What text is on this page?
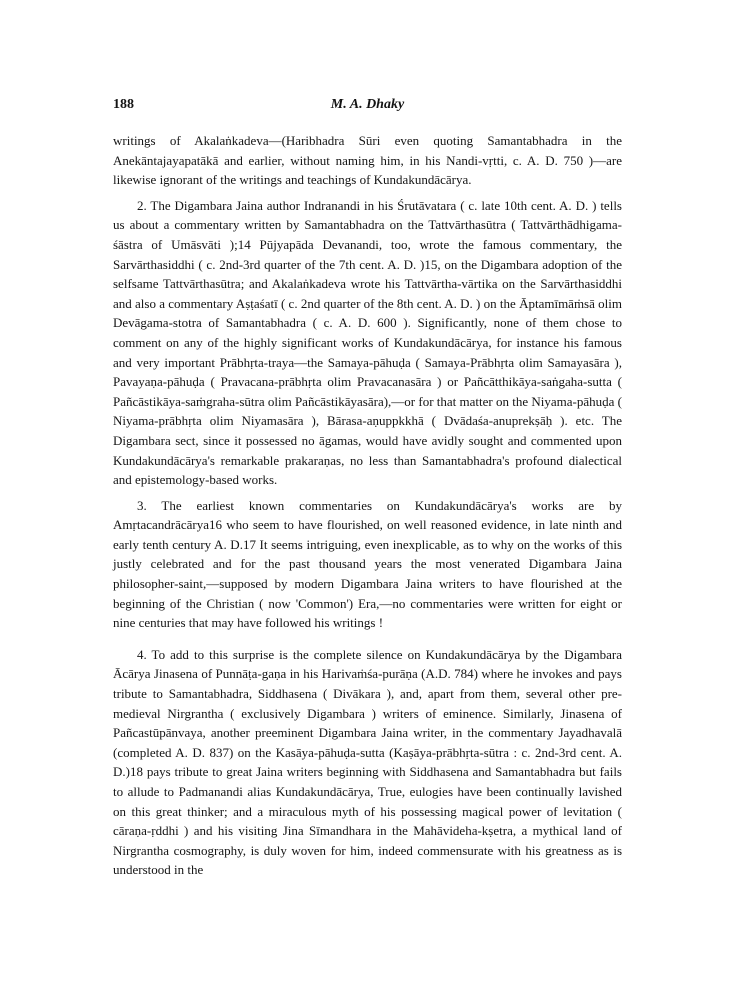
188	M. A. Dhaky

writings of Akalaṅkadeva—(Haribhadra Sūri even quoting Samantabhadra in the Anekāntajayapatākā and earlier, without naming him, in his Nandi-vṛtti, c. A. D. 750 )—are likewise ignorant of the writings and teachings of Kundakundācārya.

2. The Digambara Jaina author Indranandi in his Śrutāvatara ( c. late 10th cent. A. D. ) tells us about a commentary written by Samantabhadra on the Tattvārthasūtra ( Tattvārthādhigama-śāstra of Umāsvāti );14 Pūjyapāda Devanandi, too, wrote the famous commentary, the Sarvārthasiddhi ( c. 2nd-3rd quarter of the 7th cent. A. D. )15, on the Digambara adoption of the selfsame Tattvārthasūtra; and Akalaṅkadeva wrote his Tattvārtha-vārtika on the Sarvārthasiddhi and also a commentary Aṣṭaśatī ( c. 2nd quarter of the 8th cent. A. D. ) on the Āptamīmāṁsā olim Devāgama-stotra of Samantabhadra ( c. A. D. 600 ). Significantly, none of them chose to comment on any of the highly significant works of Kundakundācārya, for instance his famous and very important Prābhṛta-traya—the Samaya-pāhuḍa ( Samaya-Prābhṛta olim Samayasāra ), Pavayaṇa-pāhuḍa ( Pravacana-prābhṛta olim Pravacanasāra ) or Pañcātthikāya-saṅgaha-sutta ( Pañcāstikāya-saṁgraha-sūtra olim Pañcāstikāyasāra),—or for that matter on the Niyama-pāhuḍa ( Niyama-prābhṛta olim Niyamasāra ), Bārasa-aṇuppkkhā ( Dvādaśa-anuprekṣāḥ ). etc. The Digambara sect, since it possessed no āgamas, would have avidly sought and commented upon Kundakundācārya's remarkable prakaraṇas, no less than Samantabhadra's profound dialectical and epistemology-based works.

3. The earliest known commentaries on Kundakundācārya's works are by Amṛtacandrācārya16 who seem to have flourished, on well reasoned evidence, in late ninth and early tenth century A. D.17 It seems intriguing, even inexplicable, as to why on the works of this justly celebrated and for the past thousand years the most venerated Digambara Jaina philosopher-saint,—supposed by modern Digambara Jaina writers to have flourished at the beginning of the Christian ( now 'Common') Era,—no commentaries were written for eight or nine centuries that may have followed his writings !

4. To add to this surprise is the complete silence on Kundakundācārya by the Digambara Ācārya Jinasena of Punnāṭa-gaṇa in his Harivaṁśa-purāṇa (A.D. 784) where he invokes and pays tribute to Samantabhadra, Siddhasena ( Divākara ), and, apart from them, several other pre-medieval Nirgrantha ( exclusively Digambara ) writers of eminence. Similarly, Jinasena of Pañcastūpānvaya, another preeminent Digambara Jaina writer, in the commentary Jayadhavalā (completed A. D. 837) on the Kasāya-pāhuḍa-sutta (Kaṣāya-prābhṛta-sūtra : c. 2nd-3rd cent. A. D.)18 pays tribute to great Jaina writers beginning with Siddhasena and Samantabhadra but fails to allude to Padmanandi alias Kundakundācārya, True, eulogies have been continually lavished on this great thinker; and a miraculous myth of his possessing magical power of levitation ( cāraṇa-ṛddhi ) and his visiting Jina Sīmandhara in the Mahāvideha-kṣetra, a mythical land of Nirgrantha cosmography, is duly woven for him, indeed commensurate with his greatness as is understood in the
